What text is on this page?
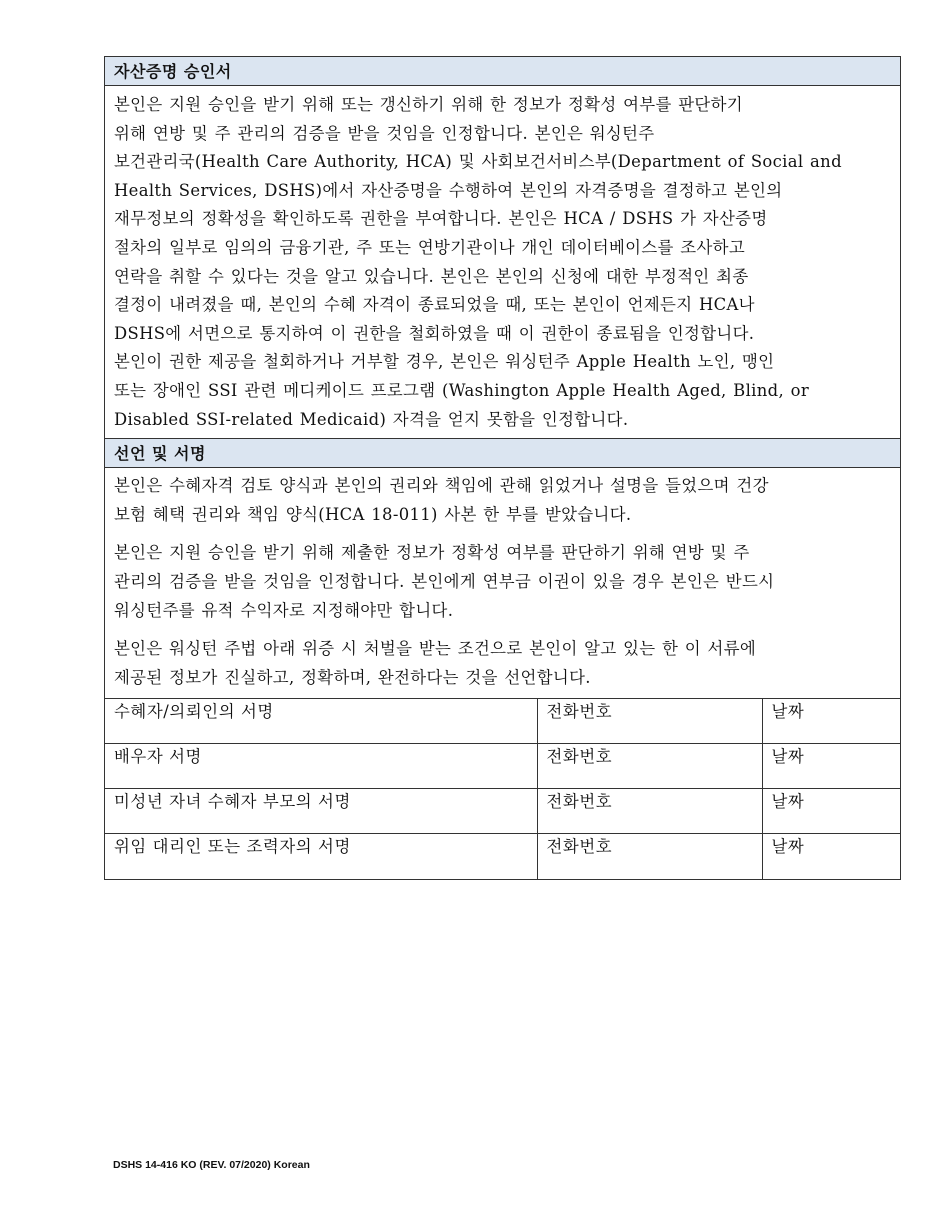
자산증명 승인서
본인은 지원 승인을 받기 위해 또는 갱신하기 위해 한 정보가 정확성 여부를 판단하기
위해 연방 및 주 관리의 검증을 받을 것임을 인정합니다. 본인은 워싱턴주
보건관리국(Health Care Authority, HCA) 및 사회보건서비스부(Department of Social and
Health Services, DSHS)에서 자산증명을 수행하여 본인의 자격증명을 결정하고 본인의
재무정보의 정확성을 확인하도록 권한을 부여합니다. 본인은 HCA / DSHS 가 자산증명
절차의 일부로 임의의 금융기관, 주 또는 연방기관이나 개인 데이터베이스를 조사하고
연락을 취할 수 있다는 것을 알고 있습니다. 본인은 본인의 신청에 대한 부정적인 최종
결정이 내려졌을 때, 본인의 수혜 자격이 종료되었을 때, 또는 본인이 언제든지 HCA나
DSHS에 서면으로 통지하여 이 권한을 철회하였을 때 이 권한이 종료됨을 인정합니다.
본인이 권한 제공을 철회하거나 거부할 경우, 본인은 워싱턴주 Apple Health 노인, 맹인
또는 장애인 SSI 관련 메디케이드 프로그램 (Washington Apple Health Aged, Blind, or
Disabled SSI-related Medicaid) 자격을 얻지 못함을 인정합니다.
선언 및 서명
본인은 수혜자격 검토 양식과 본인의 권리와 책임에 관해 읽었거나 설명을 들었으며 건강
보험 혜택 권리와 책임 양식(HCA 18-011) 사본 한 부를 받았습니다.
본인은 지원 승인을 받기 위해 제출한 정보가 정확성 여부를 판단하기 위해 연방 및 주
관리의 검증을 받을 것임을 인정합니다. 본인에게 연부금 이권이 있을 경우 본인은 반드시
워싱턴주를 유적 수익자로 지정해야만 합니다.
본인은 워싱턴 주법 아래 위증 시 처벌을 받는 조건으로 본인이 알고 있는 한 이 서류에
제공된 정보가 진실하고, 정확하며, 완전하다는 것을 선언합니다.
수혜자/의뢰인의 서명	전화번호	날짜
배우자 서명	전화번호	날짜
미성년 자녀 수혜자 부모의 서명	전화번호	날짜
위임 대리인 또는 조력자의 서명	전화번호	날짜
DSHS 14-416 KO (REV. 07/2020) Korean
